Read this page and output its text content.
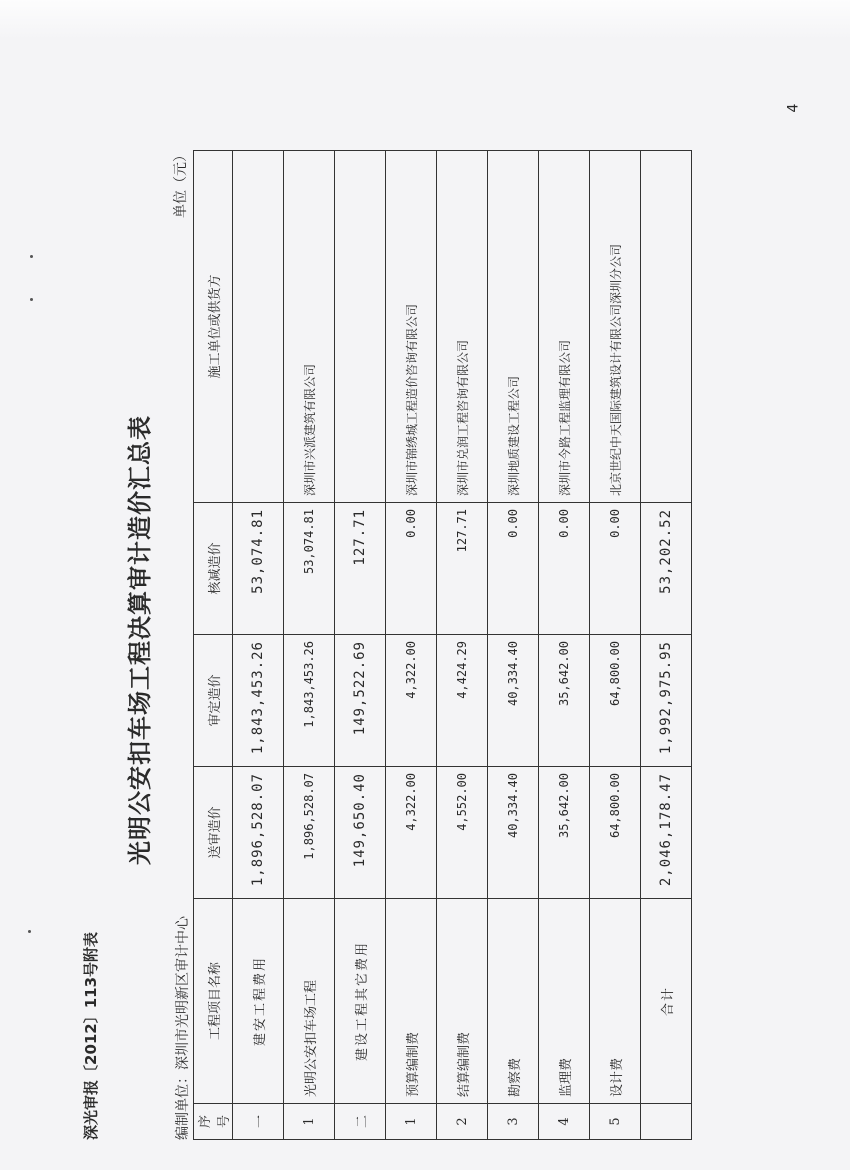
4
深光审报〔2012〕113号附表
光明公安扣车场工程决算审计造价汇总表
编制单位：深圳市光明新区审计中心
单位（元）
序号	工程项目名称	送审造价	审定造价	核减造价	施工单位或供货方
一	建安工程费用	1,896,528.07	1,843,453.26	53,074.81	
1	光明公安扣车场工程	1,896,528.07	1,843,453.26	53,074.81	深圳市兴派建筑有限公司
二	建设工程其它费用	149,650.40	149,522.69	127.71	
1	预算编制费	4,322.00	4,322.00	0.00	深圳市锦绣城工程造价咨询有限公司
2	结算编制费	4,552.00	4,424.29	127.71	深圳市兑润工程咨询有限公司
3	勘察费	40,334.40	40,334.40	0.00	深圳地质建设工程公司
4	监理费	35,642.00	35,642.00	0.00	深圳市今路工程监理有限公司
5	设计费	64,800.00	64,800.00	0.00	北京世纪中天国际建筑设计有限公司深圳分公司
	合计	2,046,178.47	1,992,975.95	53,202.52	
